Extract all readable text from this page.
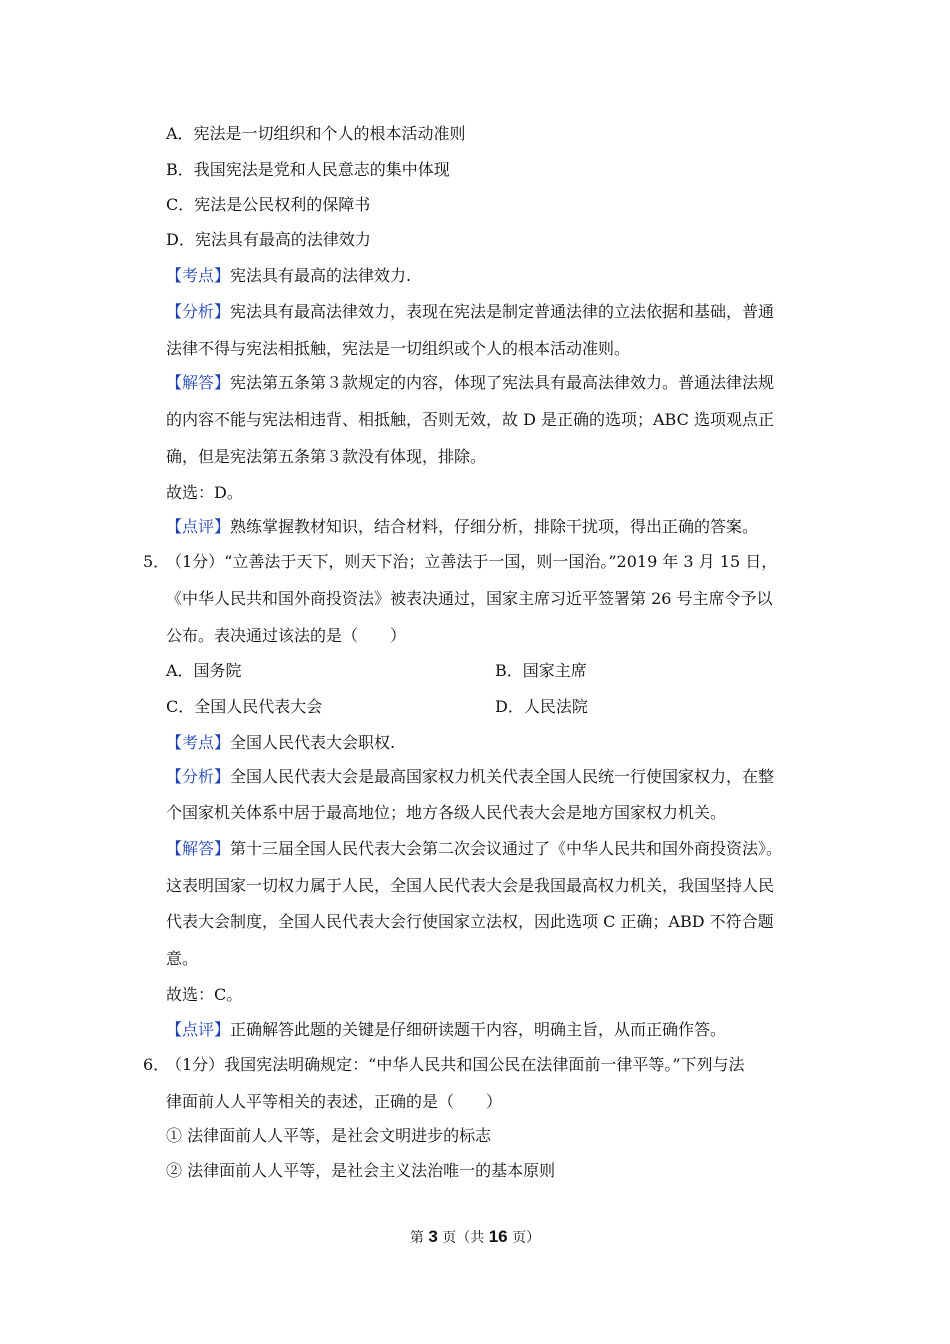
A．宪法是一切组织和个人的根本活动准则
B．我国宪法是党和人民意志的集中体现
C．宪法是公民权利的保障书
D．宪法具有最高的法律效力
【考点】宪法具有最高的法律效力.
【分析】宪法具有最高法律效力，表现在宪法是制定普通法律的立法依据和基础，普通
法律不得与宪法相抵触，宪法是一切组织或个人的根本活动准则。
【解答】宪法第五条第３款规定的内容，体现了宪法具有最高法律效力。普通法律法规
的内容不能与宪法相违背、相抵触，否则无效，故 D 是正确的选项；ABC 选项观点正
确，但是宪法第五条第３款没有体现，排除。
故选：D。
【点评】熟练掌握教材知识，结合材料，仔细分析，排除干扰项，得出正确的答案。
5．
（1分）“立善法于天下，则天下治；立善法于一国，则一国治。”2019 年 3 月 15 日，
《中华人民共和国外商投资法》被表决通过，国家主席习近平签署第 26 号主席令予以
公布。表决通过该法的是（　　）
A．国务院	B．国家主席
C．全国人民代表大会	D．人民法院
【考点】全国人民代表大会职权.
【分析】全国人民代表大会是最高国家权力机关代表全国人民统一行使国家权力，在整
个国家机关体系中居于最高地位；地方各级人民代表大会是地方国家权力机关。
【解答】第十三届全国人民代表大会第二次会议通过了《中华人民共和国外商投资法》。
这表明国家一切权力属于人民，全国人民代表大会是我国最高权力机关，我国坚持人民
代表大会制度，全国人民代表大会行使国家立法权，因此选项 C 正确；ABD 不符合题
意。
故选：C。
【点评】正确解答此题的关键是仔细研读题干内容，明确主旨，从而正确作答。
6．
（1分）我国宪法明确规定：“中华人民共和国公民在法律面前一律平等。”下列与法
律面前人人平等相关的表述，正确的是（　　）
① 法律面前人人平等，是社会文明进步的标志
② 法律面前人人平等，是社会主义法治唯一的基本原则
第 3 页（共 16 页）
